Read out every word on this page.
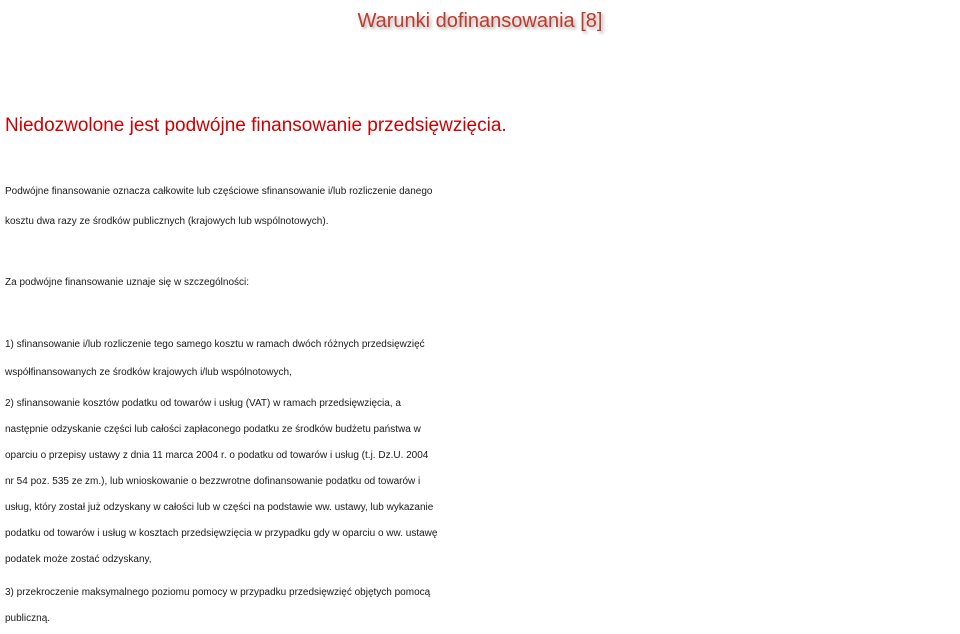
Warunki dofinansowania [8]
Niedozwolone jest podwójne finansowanie przedsięwzięcia.
Podwójne finansowanie oznacza całkowite lub częściowe sfinansowanie i/lub rozliczenie danego
kosztu dwa razy ze środków publicznych (krajowych lub wspólnotowych).
Za podwójne finansowanie uznaje się w szczególności:
1) sfinansowanie i/lub rozliczenie tego samego kosztu w ramach dwóch różnych przedsięwzięć
współfinansowanych ze środków krajowych i/lub wspólnotowych,
2) sfinansowanie kosztów podatku od towarów i usług (VAT) w ramach przedsięwzięcia, a
następnie odzyskanie części lub całości zapłaconego podatku ze środków budżetu państwa w
oparciu o przepisy ustawy z dnia 11 marca 2004 r. o podatku od towarów i usług (t.j. Dz.U. 2004
nr 54 poz. 535 ze zm.), lub wnioskowanie o bezzwrotne dofinansowanie podatku od towarów i
usług, który został już odzyskany w całości lub w części na podstawie ww. ustawy, lub wykazanie
podatku od towarów i usług w kosztach przedsięwzięcia w przypadku gdy w oparciu o ww. ustawę
podatek może zostać odzyskany,
3) przekroczenie maksymalnego poziomu pomocy w przypadku przedsięwzięć objętych pomocą
publiczną.
